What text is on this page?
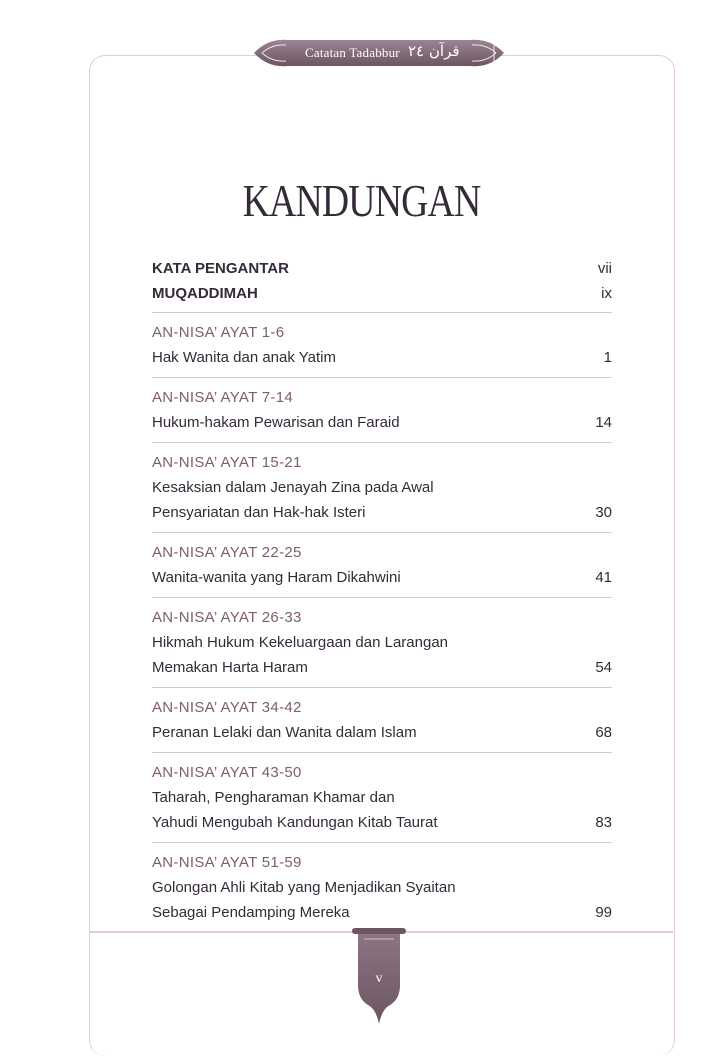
Catatan Tadabbur قرآن ٢٤
KANDUNGAN
KATA PENGANTAR	vii
MUQADDIMAH	ix
AN-NISA’ AYAT 1-6
Hak Wanita dan anak Yatim	1
AN-NISA’ AYAT 7-14
Hukum-hakam Pewarisan dan Faraid	14
AN-NISA’ AYAT 15-21
Kesaksian dalam Jenayah Zina pada Awal
Pensyariatan dan Hak-hak Isteri	30
AN-NISA’ AYAT 22-25
Wanita-wanita yang Haram Dikahwini	41
AN-NISA’ AYAT 26-33
Hikmah Hukum Kekeluargaan dan Larangan
Memakan Harta Haram	54
AN-NISA’ AYAT 34-42
Peranan Lelaki dan Wanita dalam Islam	68
AN-NISA’ AYAT 43-50
Taharah, Pengharaman Khamar dan
Yahudi Mengubah Kandungan Kitab Taurat	83
AN-NISA’ AYAT 51-59
Golongan Ahli Kitab yang Menjadikan Syaitan
Sebagai Pendamping Mereka	99
v
